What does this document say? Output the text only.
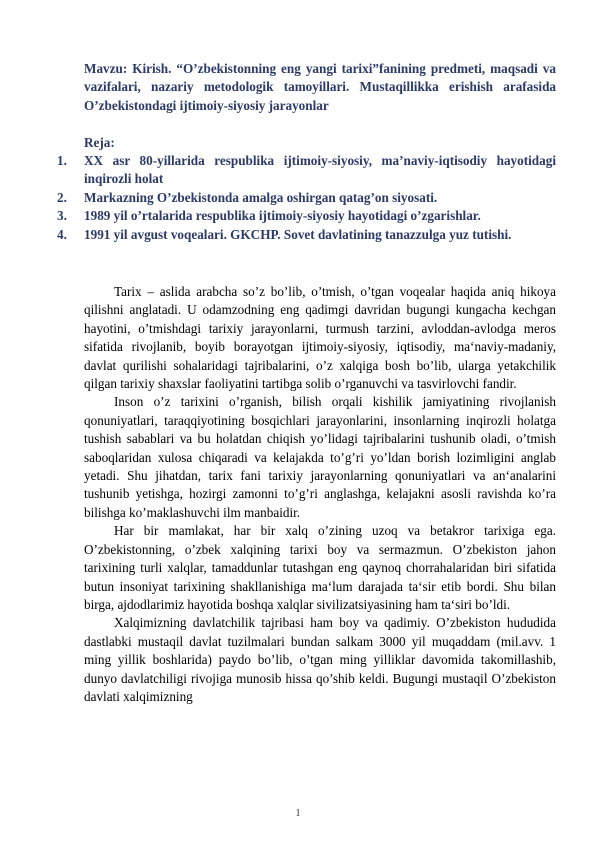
Mavzu: Kirish. “O’zbekistonning eng yangi tarixi”fanining predmeti, maqsadi va vazifalari, nazariy metodologik tamoyillari. Mustaqillikka erishish arafasida O’zbekistondagi ijtimoiy-siyosiy jarayonlar

Reja:

1.	XX asr 80-yillarida respublika ijtimoiy-siyosiy, ma’naviy-iqtisodiy hayotidagi inqirozli holat
2.	Markazning O’zbekistonda amalga oshirgan qatag’on siyosati.
3.	1989 yil o’rtalarida respublika ijtimoiy-siyosiy hayotidagi o’zgarishlar.
4.	1991 yil avgust voqealari. GKCHP. Sovet davlatining tanazzulga yuz tutishi.

Tarix – aslida arabcha so’z bo’lib, o’tmish, o’tgan voqealar haqida aniq hikoya qilishni anglatadi. U odamzodning eng qadimgi davridan bugungi kungacha kechgan hayotini, o’tmishdagi tarixiy jarayonlarni, turmush tarzini, avloddan-avlodga meros sifatida rivojlanib, boyib borayotgan ijtimoiy-siyosiy, iqtisodiy, ma‘naviy-madaniy, davlat qurilishi sohalaridagi tajribalarini, o’z xalqiga bosh bo’lib, ularga yetakchilik qilgan tarixiy shaxslar faoliyatini tartibga solib o’rganuvchi va tasvirlovchi fandir.

Inson o’z tarixini o’rganish, bilish orqali kishilik jamiyatining rivojlanish qonuniyatlari, taraqqiyotining bosqichlari jarayonlarini, insonlarning inqirozli holatga tushish sabablari va bu holatdan chiqish yo’lidagi tajribalarini tushunib oladi, o’tmish saboqlaridan xulosa chiqaradi va kelajakda to’g’ri yo’ldan borish lozimligini anglab yetadi. Shu jihatdan, tarix fani tarixiy jarayonlarning qonuniyatlari va an‘analarini tushunib yetishga, hozirgi zamonni to’g’ri anglashga, kelajakni asosli ravishda ko’ra bilishga ko’maklashuvchi ilm manbaidir.

Har bir mamlakat, har bir xalq o’zining uzoq va betakror tarixiga ega. O’zbekistonning, o’zbek xalqining tarixi boy va sermazmun. O’zbekiston jahon tarixining turli xalqlar, tamaddunlar tutashgan eng qaynoq chorrahalaridan biri sifatida butun insoniyat tarixining shakllanishiga ma‘lum darajada ta‘sir etib bordi. Shu bilan birga, ajdodlarimiz hayotida boshqa xalqlar sivilizatsiyasining ham ta‘siri bo’ldi.

Xalqimizning davlatchilik tajribasi ham boy va qadimiy. O’zbekiston hududida dastlabki mustaqil davlat tuzilmalari bundan salkam 3000 yil muqaddam (mil.avv. 1 ming yillik boshlarida) paydo bo’lib, o’tgan ming yilliklar davomida takomillashib, dunyo davlatchiligi rivojiga munosib hissa qo’shib keldi. Bugungi mustaqil O’zbekiston davlati xalqimizning

1
